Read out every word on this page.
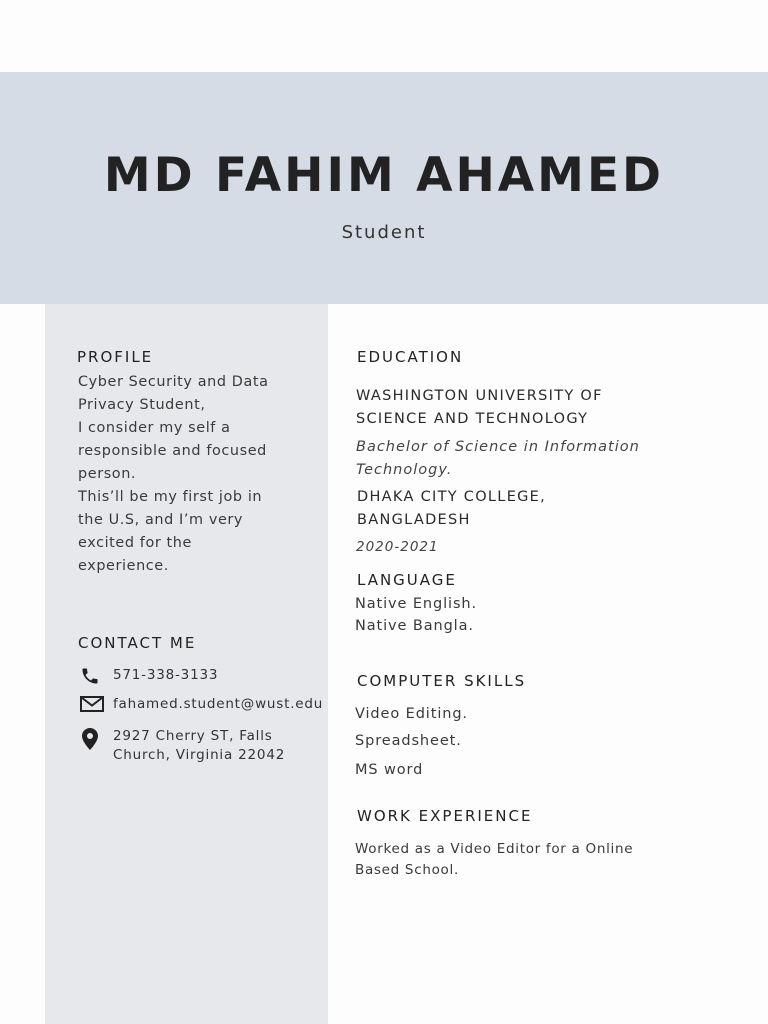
MD FAHIM AHAMED
Student
PROFILE
Cyber Security and Data
Privacy Student,
I consider my self a
responsible and focused
person.
This’ll be my first job in
the U.S, and I’m very
excited for the
experience.
CONTACT ME
571-338-3133
fahamed.student@wust.edu
2927 Cherry ST, Falls
Church, Virginia 22042
EDUCATION
WASHINGTON UNIVERSITY OF
SCIENCE AND TECHNOLOGY
Bachelor of Science in Information
Technology.
DHAKA CITY COLLEGE,
BANGLADESH
2020-2021
LANGUAGE
Native English.
Native Bangla.
COMPUTER SKILLS
Video Editing.
Spreadsheet.
MS word
WORK EXPERIENCE
Worked as a Video Editor for a Online
Based School.
